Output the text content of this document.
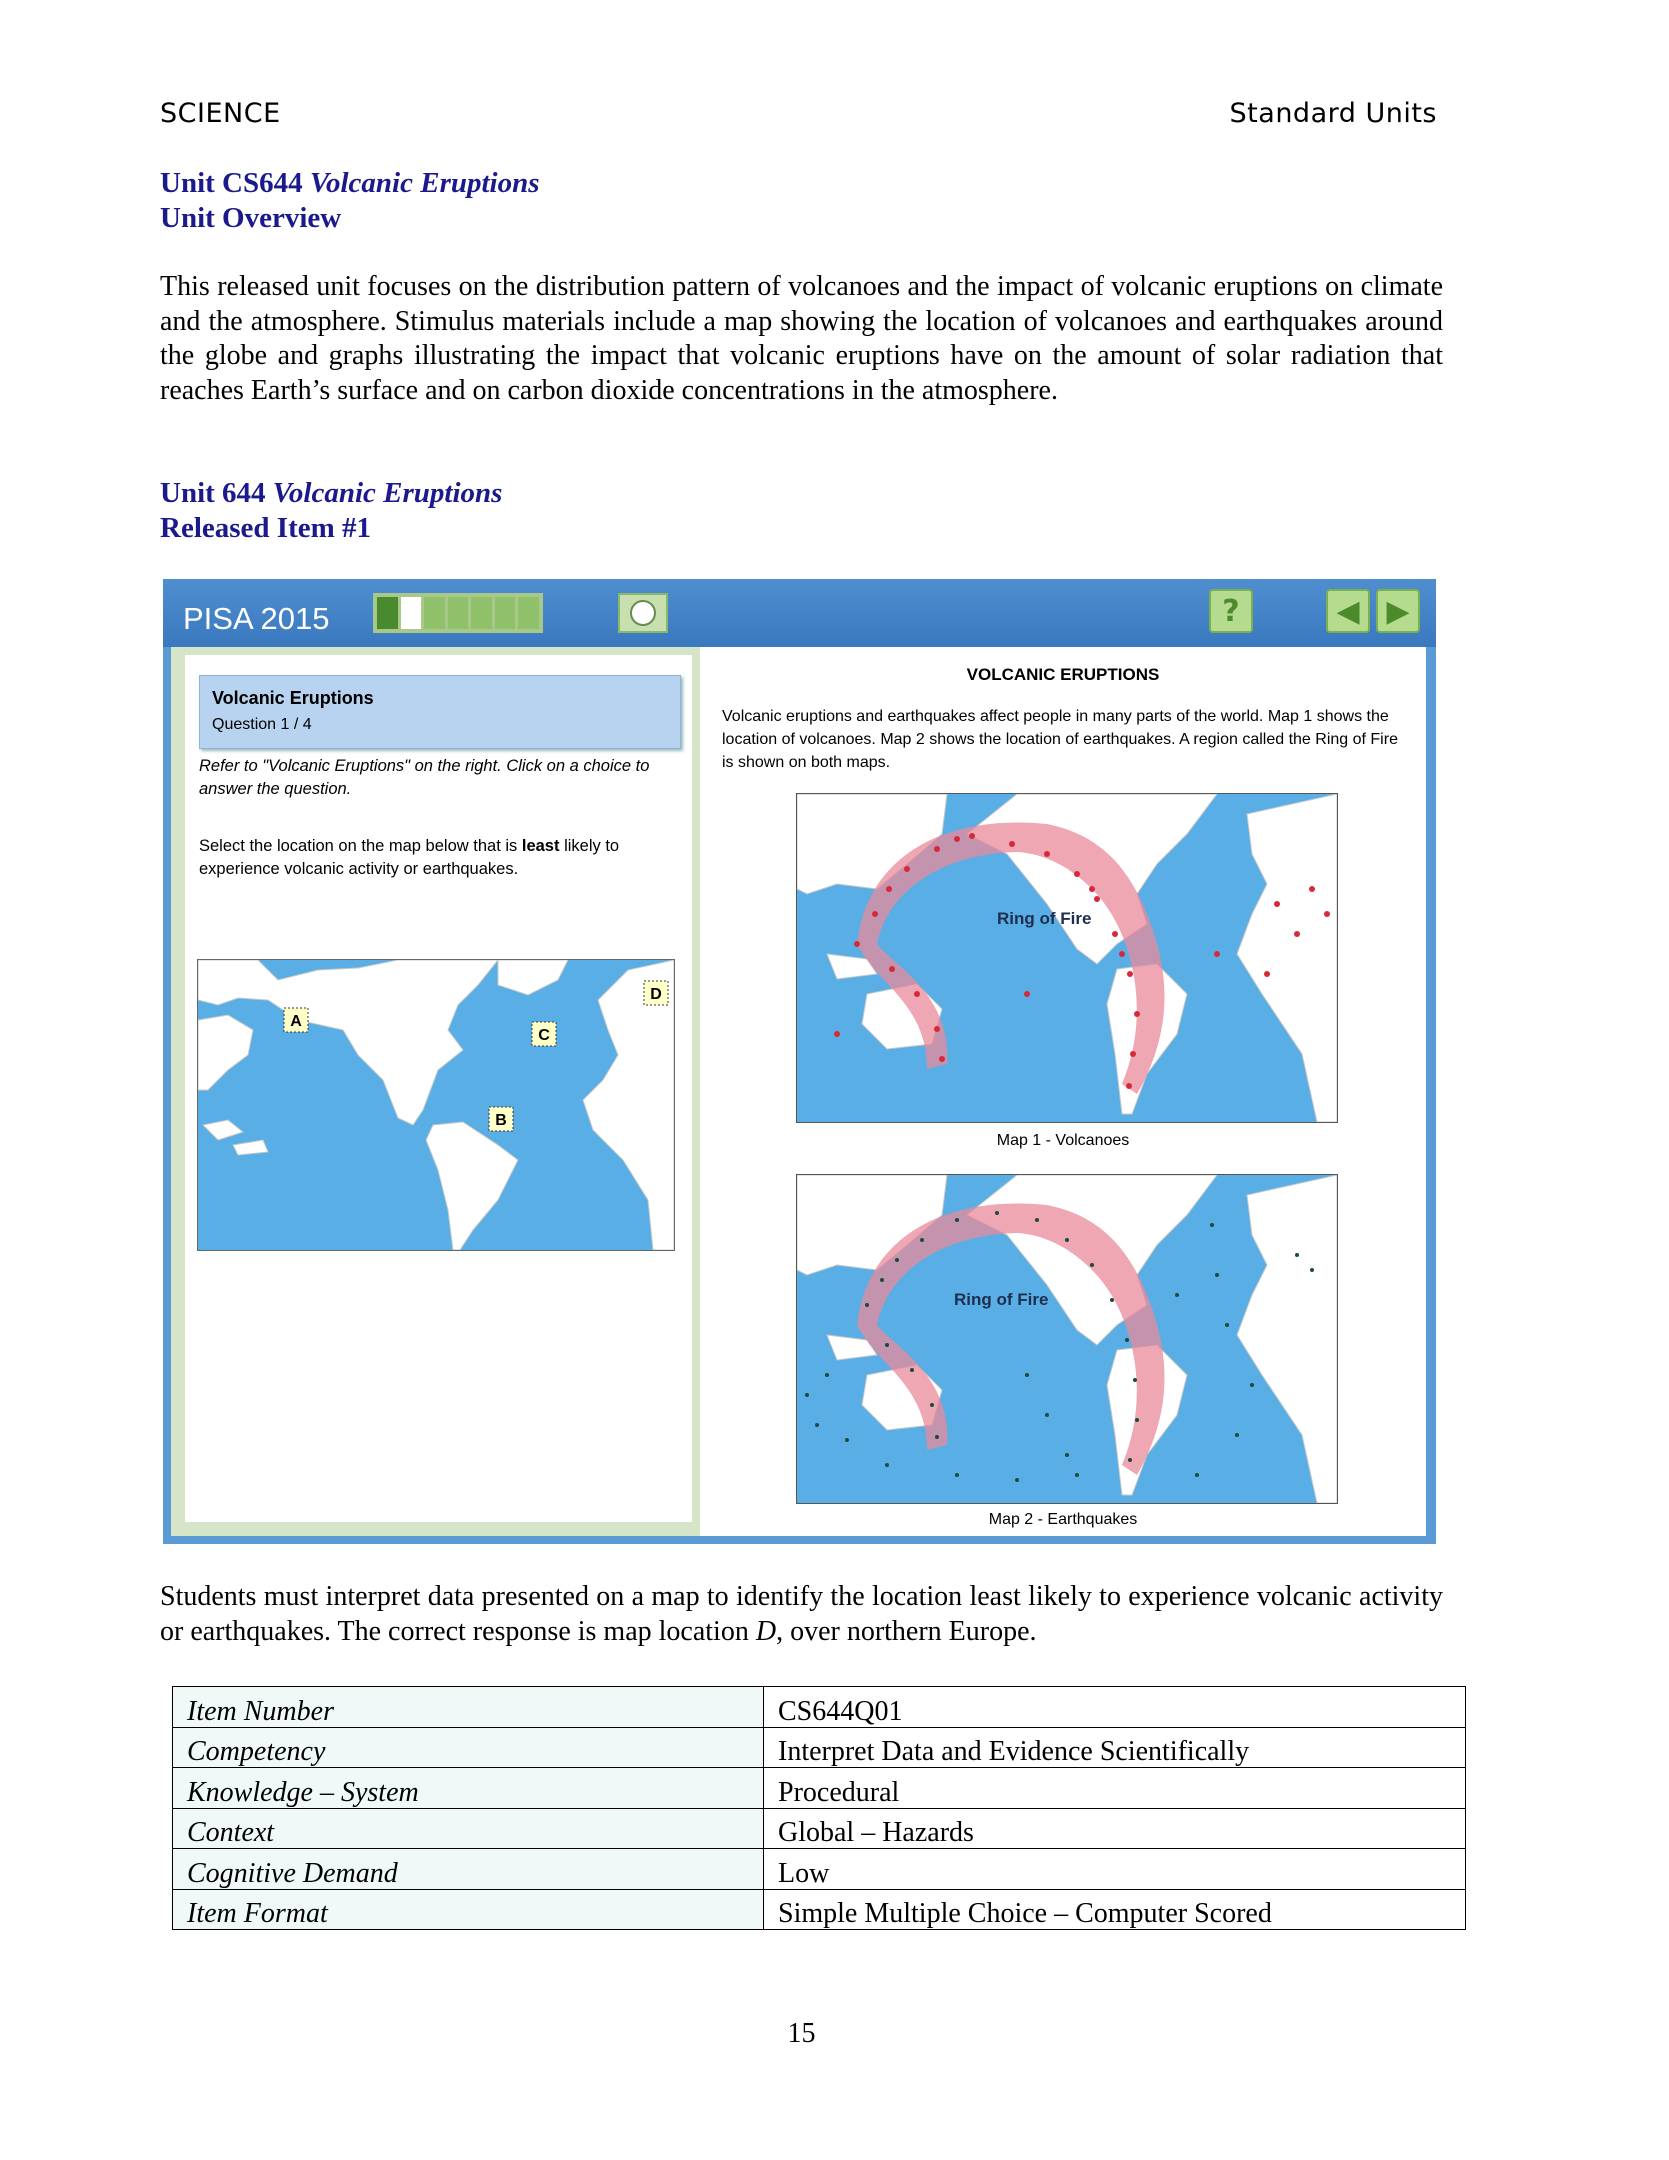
SCIENCE	Standard Units
Unit CS644 Volcanic Eruptions
Unit Overview
This released unit focuses on the distribution pattern of volcanoes and the impact of volcanic eruptions on climate and the atmosphere. Stimulus materials include a map showing the location of volcanoes and earthquakes around the globe and graphs illustrating the impact that volcanic eruptions have on the amount of solar radiation that reaches Earth’s surface and on carbon dioxide concentrations in the atmosphere.
Unit 644 Volcanic Eruptions
Released Item #1
PISA 2015	?	◀ ▶
Volcanic Eruptions
Question 1 / 4
Refer to "Volcanic Eruptions" on the right. Click on a choice to answer the question.
Select the location on the map below that is least likely to experience volcanic activity or earthquakes.
A
B
C
D
VOLCANIC ERUPTIONS
Volcanic eruptions and earthquakes affect people in many parts of the world. Map 1 shows the location of volcanoes. Map 2 shows the location of earthquakes. A region called the Ring of Fire is shown on both maps.
Ring of Fire
Map 1 - Volcanoes
Ring of Fire
Map 2 - Earthquakes
Students must interpret data presented on a map to identify the location least likely to experience volcanic activity or earthquakes. The correct response is map location D, over northern Europe.
Item Number	CS644Q01
Competency	Interpret Data and Evidence Scientifically
Knowledge – System	Procedural
Context	Global – Hazards
Cognitive Demand	Low
Item Format	Simple Multiple Choice – Computer Scored
15
